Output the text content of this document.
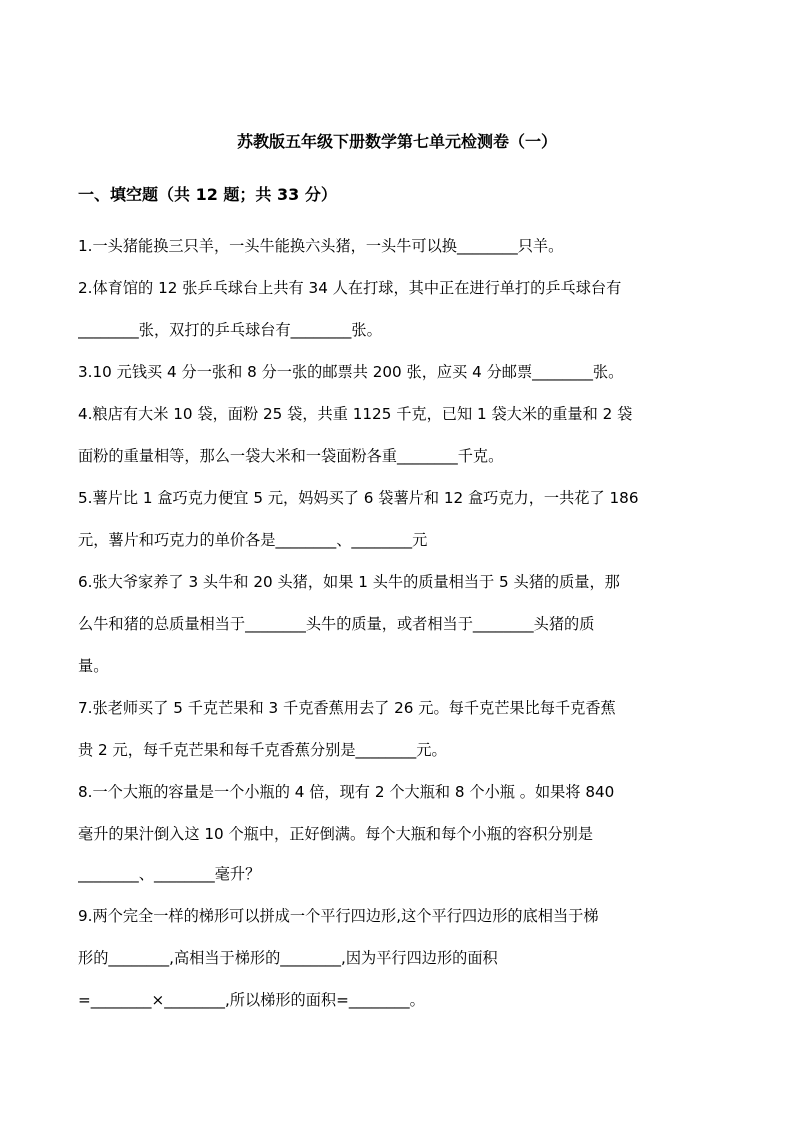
苏教版五年级下册数学第七单元检测卷（一）
一、填空题（共 12 题；共 33 分）
1.一头猪能换三只羊，一头牛能换六头猪，一头牛可以换________只羊。
2.体育馆的 12 张乒乓球台上共有 34 人在打球，其中正在进行单打的乒乓球台有
________张，双打的乒乓球台有________张。
3.10 元钱买 4 分一张和 8 分一张的邮票共 200 张，应买 4 分邮票________张。
4.粮店有大米 10 袋，面粉 25 袋，共重 1125 千克，已知 1 袋大米的重量和 2 袋
面粉的重量相等，那么一袋大米和一袋面粉各重________千克。
5.薯片比 1 盒巧克力便宜 5 元，妈妈买了 6 袋薯片和 12 盒巧克力，一共花了 186
元，薯片和巧克力的单价各是________、________元
6.张大爷家养了 3 头牛和 20 头猪，如果 1 头牛的质量相当于 5 头猪的质量，那
么牛和猪的总质量相当于________头牛的质量，或者相当于________头猪的质
量。
7.张老师买了 5 千克芒果和 3 千克香蕉用去了 26 元。每千克芒果比每千克香蕉
贵 2 元，每千克芒果和每千克香蕉分别是________元。
8.一个大瓶的容量是一个小瓶的 4 倍，现有 2 个大瓶和 8 个小瓶 。如果将 840
毫升的果汁倒入这 10 个瓶中，正好倒满。每个大瓶和每个小瓶的容积分别是
________、________毫升？
9.两个完全一样的梯形可以拼成一个平行四边形,这个平行四边形的底相当于梯
形的________,高相当于梯形的________,因为平行四边形的面积
=________×________,所以梯形的面积=________。
